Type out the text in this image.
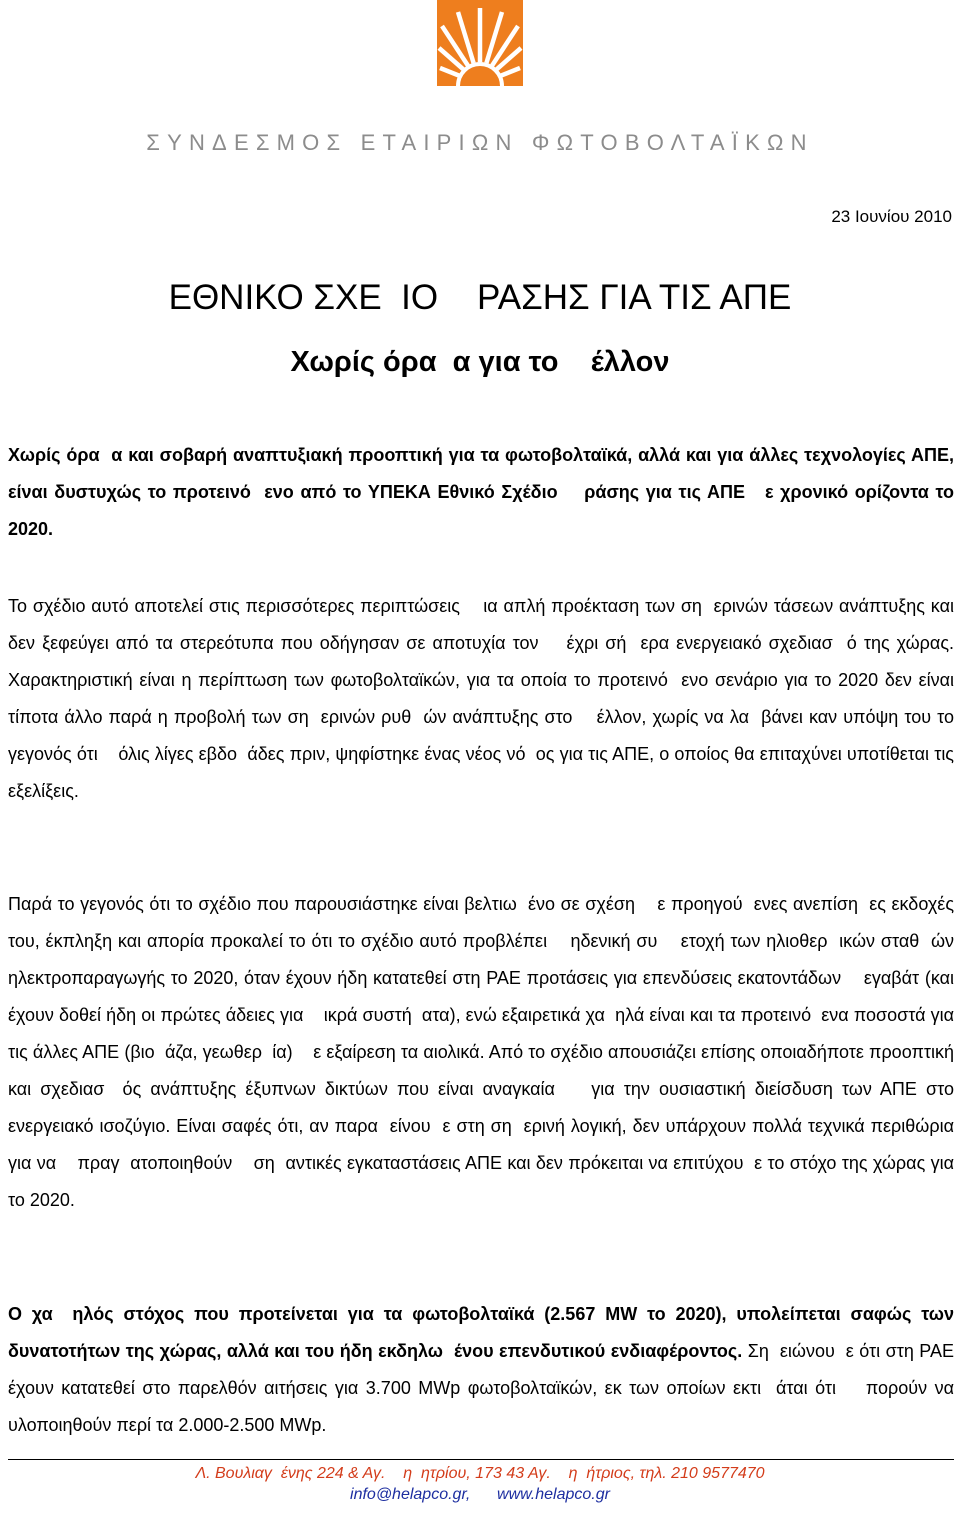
ΣΥΝΔΕΣΜΟΣ ΕΤΑΙΡΙΩΝ ΦΩΤΟΒΟΛΤΑΪΚΩΝ
23 Ιουνίου 2010
ΕΘΝΙΚΟ ΣΧΕ  ΙΟ    ΡΑΣΗΣ ΓΙΑ ΤΙΣ ΑΠΕ
Χωρίς όρα  α για το    έλλον
Χωρίς όρα  α και σοβαρή αναπτυξιακή προοπτική για τα φωτοβολταϊκά, αλλά και για άλλες τεχνολογίες ΑΠΕ, είναι δυστυχώς το προτεινό  ενο από το ΥΠΕΚΑ Εθνικό Σχέδιο    ράσης για τις ΑΠΕ   ε χρονικό ορίζοντα το 2020.
Το σχέδιο αυτό αποτελεί στις περισσότερες περιπτώσεις    ια απλή προέκταση των ση  ερινών τάσεων ανάπτυξης και δεν ξεφεύγει από τα στερεότυπα που οδήγησαν σε αποτυχία τον    έχρι σή  ερα ενεργειακό σχεδιασ  ό της χώρας. Χαρακτηριστική είναι η περίπτωση των φωτοβολταϊκών, για τα οποία το προτεινό  ενο σενάριο για το 2020 δεν είναι τίποτα άλλο παρά η προβολή των ση  ερινών ρυθ  ών ανάπτυξης στο    έλλον, χωρίς να λα  βάνει καν υπόψη του το γεγονός ότι    όλις λίγες εβδο  άδες πριν, ψηφίστηκε ένας νέος νό  ος για τις ΑΠΕ, ο οποίος θα επιταχύνει υποτίθεται τις εξελίξεις.
Παρά το γεγονός ότι το σχέδιο που παρουσιάστηκε είναι βελτιω  ένο σε σχέση    ε προηγού  ενες ανεπίση  ες εκδοχές του, έκπληξη και απορία προκαλεί το ότι το σχέδιο αυτό προβλέπει    ηδενική συ    ετοχή των ηλιοθερ  ικών σταθ  ών ηλεκτροπαραγωγής το 2020, όταν έχουν ήδη κατατεθεί στη ΡΑΕ προτάσεις για επενδύσεις εκατοντάδων    εγαβάτ (και έχουν δοθεί ήδη οι πρώτες άδειες για    ικρά συστή  ατα), ενώ εξαιρετικά χα  ηλά είναι και τα προτεινό  ενα ποσοστά για τις άλλες ΑΠΕ (βιο  άζα, γεωθερ  ία)    ε εξαίρεση τα αιολικά. Από το σχέδιο απουσιάζει επίσης οποιαδήποτε προοπτική και σχεδιασ  ός ανάπτυξης έξυπνων δικτύων που είναι αναγκαία    για την ουσιαστική διείσδυση των ΑΠΕ στο ενεργειακό ισοζύγιο. Είναι σαφές ότι, αν παρα  είνου  ε στη ση  ερινή λογική, δεν υπάρχουν πολλά τεχνικά περιθώρια για να    πραγ  ατοποιηθούν    ση  αντικές εγκαταστάσεις ΑΠΕ και δεν πρόκειται να επιτύχου  ε το στόχο της χώρας για το 2020.
Ο χα  ηλός στόχος που προτείνεται για τα φωτοβολταϊκά (2.567 MW το 2020), υπολείπεται σαφώς των δυνατοτήτων της χώρας, αλλά και του ήδη εκδηλω  ένου επενδυτικού ενδιαφέροντος. Ση  ειώνου  ε ότι στη ΡΑΕ έχουν κατατεθεί στο παρελθόν αιτήσεις για 3.700 MWp φωτοβολταϊκών, εκ των οποίων εκτι  άται ότι    πορούν να υλοποιηθούν περί τα 2.000-2.500 MWp.
Λ. Βουλιαγ  ένης 224 & Αγ.    η  ητρίου, 173 43 Αγ.    η  ήτριος, τηλ. 210 9577470
info@helapco.gr, www.helapco.gr
